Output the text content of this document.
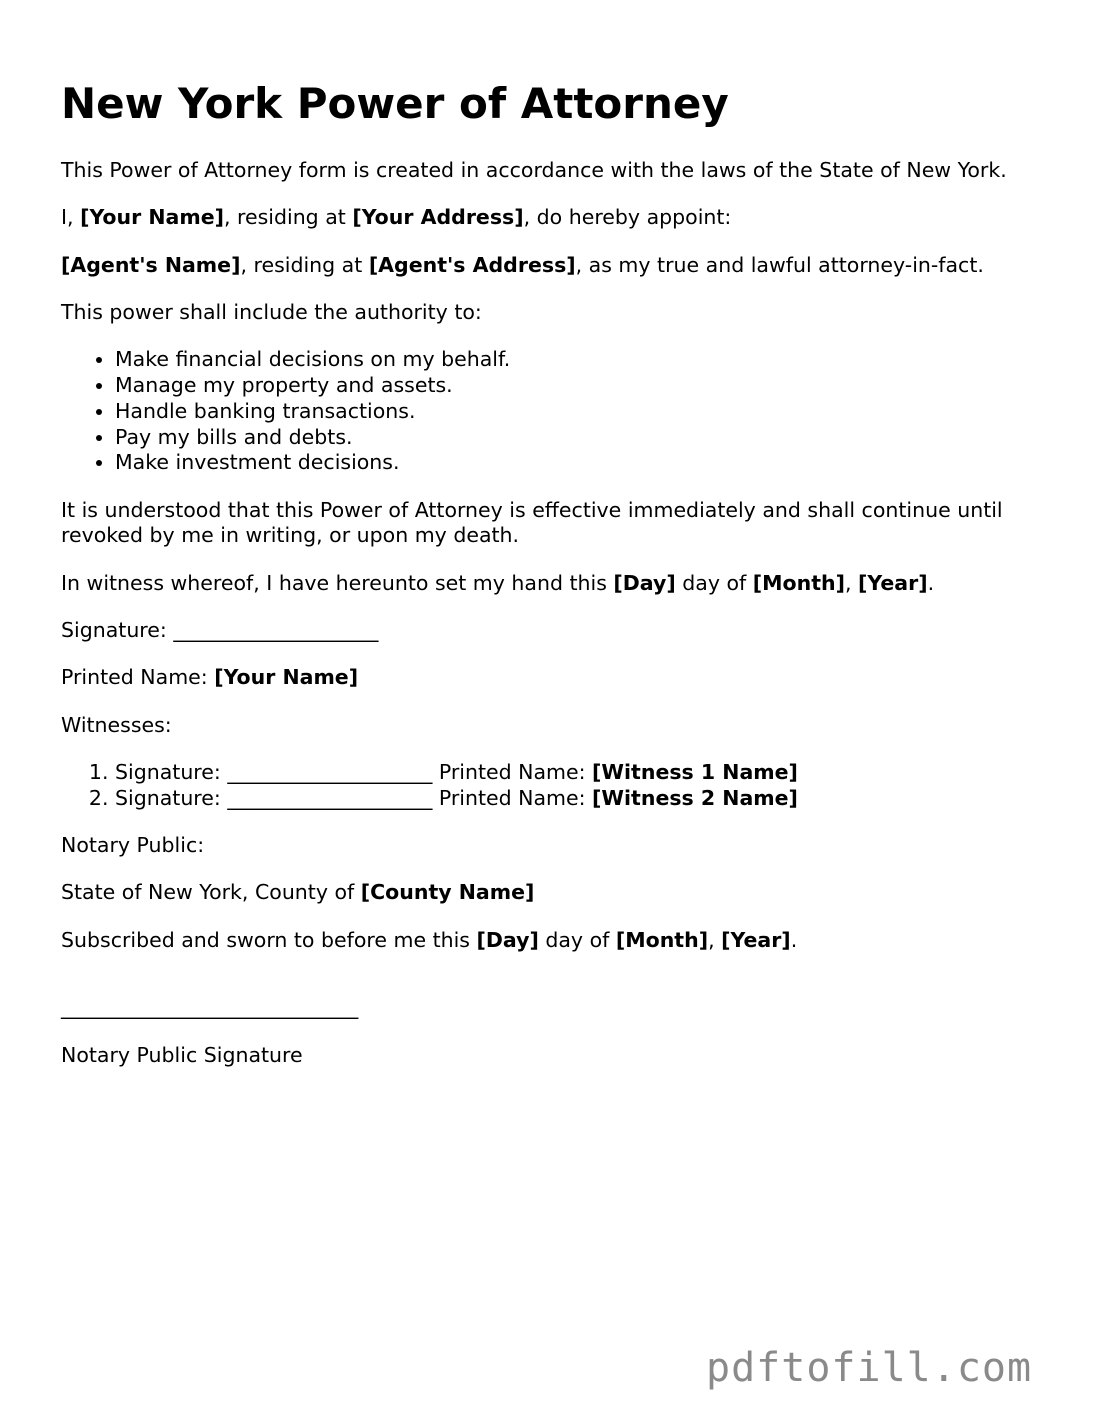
New York Power of Attorney

This Power of Attorney form is created in accordance with the laws of the State of New York.

I, [Your Name], residing at [Your Address], do hereby appoint:

[Agent's Name], residing at [Agent's Address], as my true and lawful attorney-in-fact.

This power shall include the authority to:

• Make financial decisions on my behalf.
• Manage my property and assets.
• Handle banking transactions.
• Pay my bills and debts.
• Make investment decisions.

It is understood that this Power of Attorney is effective immediately and shall continue until revoked by me in writing, or upon my death.

In witness whereof, I have hereunto set my hand this [Day] day of [Month], [Year].

Signature: ____________________

Printed Name: [Your Name]

Witnesses:

1. Signature: ____________________ Printed Name: [Witness 1 Name]
2. Signature: ____________________ Printed Name: [Witness 2 Name]

Notary Public:

State of New York, County of [County Name]

Subscribed and sworn to before me this [Day] day of [Month], [Year].

_____________________________

Notary Public Signature

pdftofill.com
